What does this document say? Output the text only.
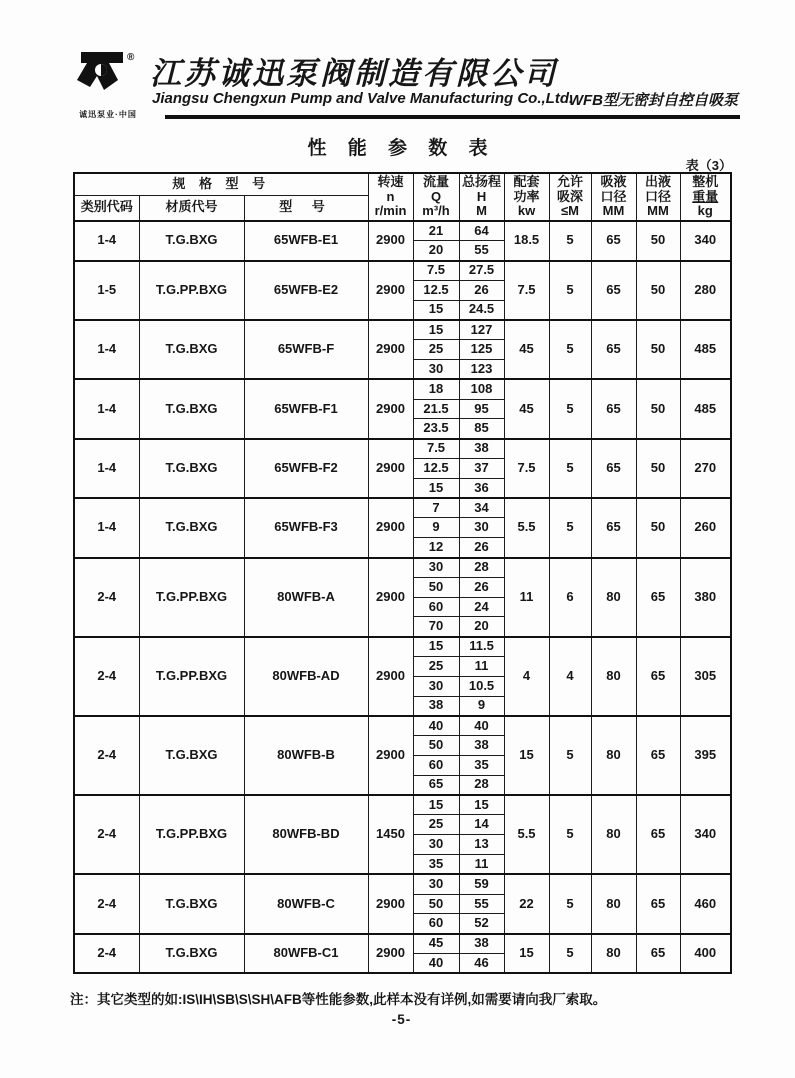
®
诚迅泵业·中国
江苏诚迅泵阀制造有限公司
Jiangsu Chengxun Pump and Valve Manufacturing Co.,Ltd.
WFB型无密封自控自吸泵
性 能 参 数 表
表（3）
规 格 型 号			转速
n
r/min	流量
Q
m³/h	总扬程
H
M	配套
功率
kw	允许
吸深
≤M	吸液
口径
MM	出液
口径
MM	整机
重量
kg

类别代码	材质代号	型 号								
1-4	T.G.BXG	65WFB-E1	2900	21	64	18.5	5	65	50	340
				20	55					
1-5	T.G.PP.BXG	65WFB-E2	2900	7.5	27.5	7.5	5	65	50	280
				12.5	26					
				15	24.5					
1-4	T.G.BXG	65WFB-F	2900	15	127	45	5	65	50	485
				25	125					
				30	123					
1-4	T.G.BXG	65WFB-F1	2900	18	108	45	5	65	50	485
				21.5	95					
				23.5	85					
1-4	T.G.BXG	65WFB-F2	2900	7.5	38	7.5	5	65	50	270
				12.5	37					
				15	36					
1-4	T.G.BXG	65WFB-F3	2900	7	34	5.5	5	65	50	260
				9	30					
				12	26					
2-4	T.G.PP.BXG	80WFB-A	2900	30	28	11	6	80	65	380
				50	26					
				60	24					
				70	20					
2-4	T.G.PP.BXG	80WFB-AD	2900	15	11.5	4	4	80	65	305
				25	11					
				30	10.5					
				38	9					
2-4	T.G.BXG	80WFB-B	2900	40	40	15	5	80	65	395
				50	38					
				60	35					
				65	28					
2-4	T.G.PP.BXG	80WFB-BD	1450	15	15	5.5	5	80	65	340
				25	14					
				30	13					
				35	11					
2-4	T.G.BXG	80WFB-C	2900	30	59	22	5	80	65	460
				50	55					
				60	52					
2-4	T.G.BXG	80WFB-C1	2900	45	38	15	5	80	65	400
				40	46					
注：其它类型的如:IS\IH\SB\S\SH\AFB等性能参数,此样本没有详例,如需要请向我厂索取。
-5-
